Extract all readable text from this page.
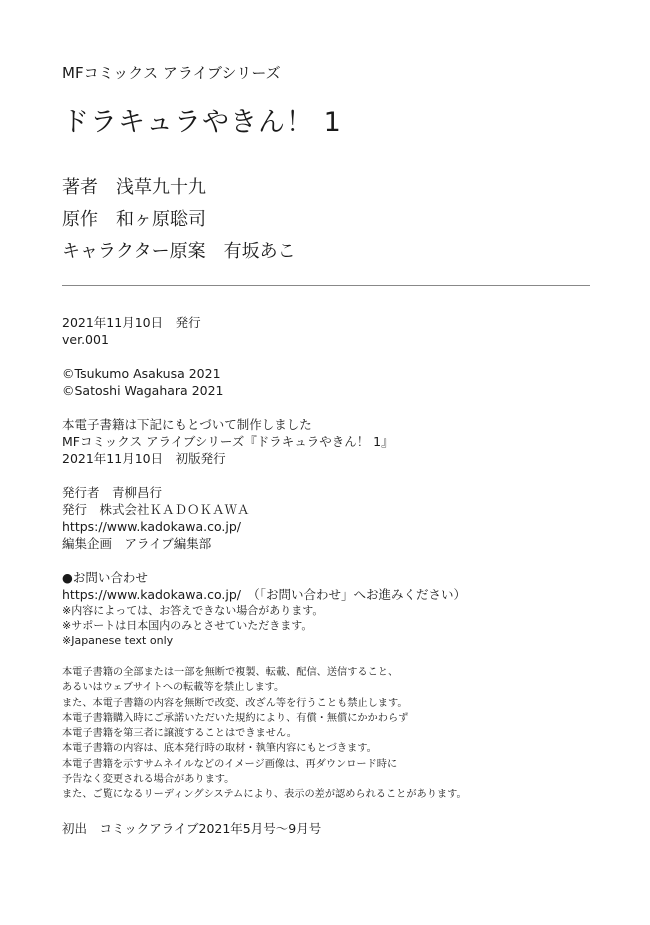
MFコミックス アライブシリーズ
ドラキュラやきん！ 1
著者 浅草九十九
原作 和ヶ原聡司
キャラクター原案 有坂あこ
2021年11月10日　発行
ver.001
©Tsukumo Asakusa 2021
©Satoshi Wagahara 2021
本電子書籍は下記にもとづいて制作しました
MFコミックス アライブシリーズ『ドラキュラやきん！ 1』
2021年11月10日　初版発行
発行者　青柳昌行
発行　株式会社ＫＡＤＯＫＡＷＡ
https://www.kadokawa.co.jp/
編集企画　アライブ編集部
●お問い合わせ
https://www.kadokawa.co.jp/　（「お問い合わせ」へお進みください）
※内容によっては、お答えできない場合があります。
※サポートは日本国内のみとさせていただきます。
※Japanese text only
本電子書籍の全部または一部を無断で複製、転載、配信、送信すること、
あるいはウェブサイトへの転載等を禁止します。
また、本電子書籍の内容を無断で改変、改ざん等を行うことも禁止します。
本電子書籍購入時にご承諾いただいた規約により、有償・無償にかかわらず
本電子書籍を第三者に譲渡することはできません。
本電子書籍の内容は、底本発行時の取材・執筆内容にもとづきます。
本電子書籍を示すサムネイルなどのイメージ画像は、再ダウンロード時に
予告なく変更される場合があります。
また、ご覧になるリーディングシステムにより、表示の差が認められることがあります。
初出　コミックアライブ2021年5月号～9月号
